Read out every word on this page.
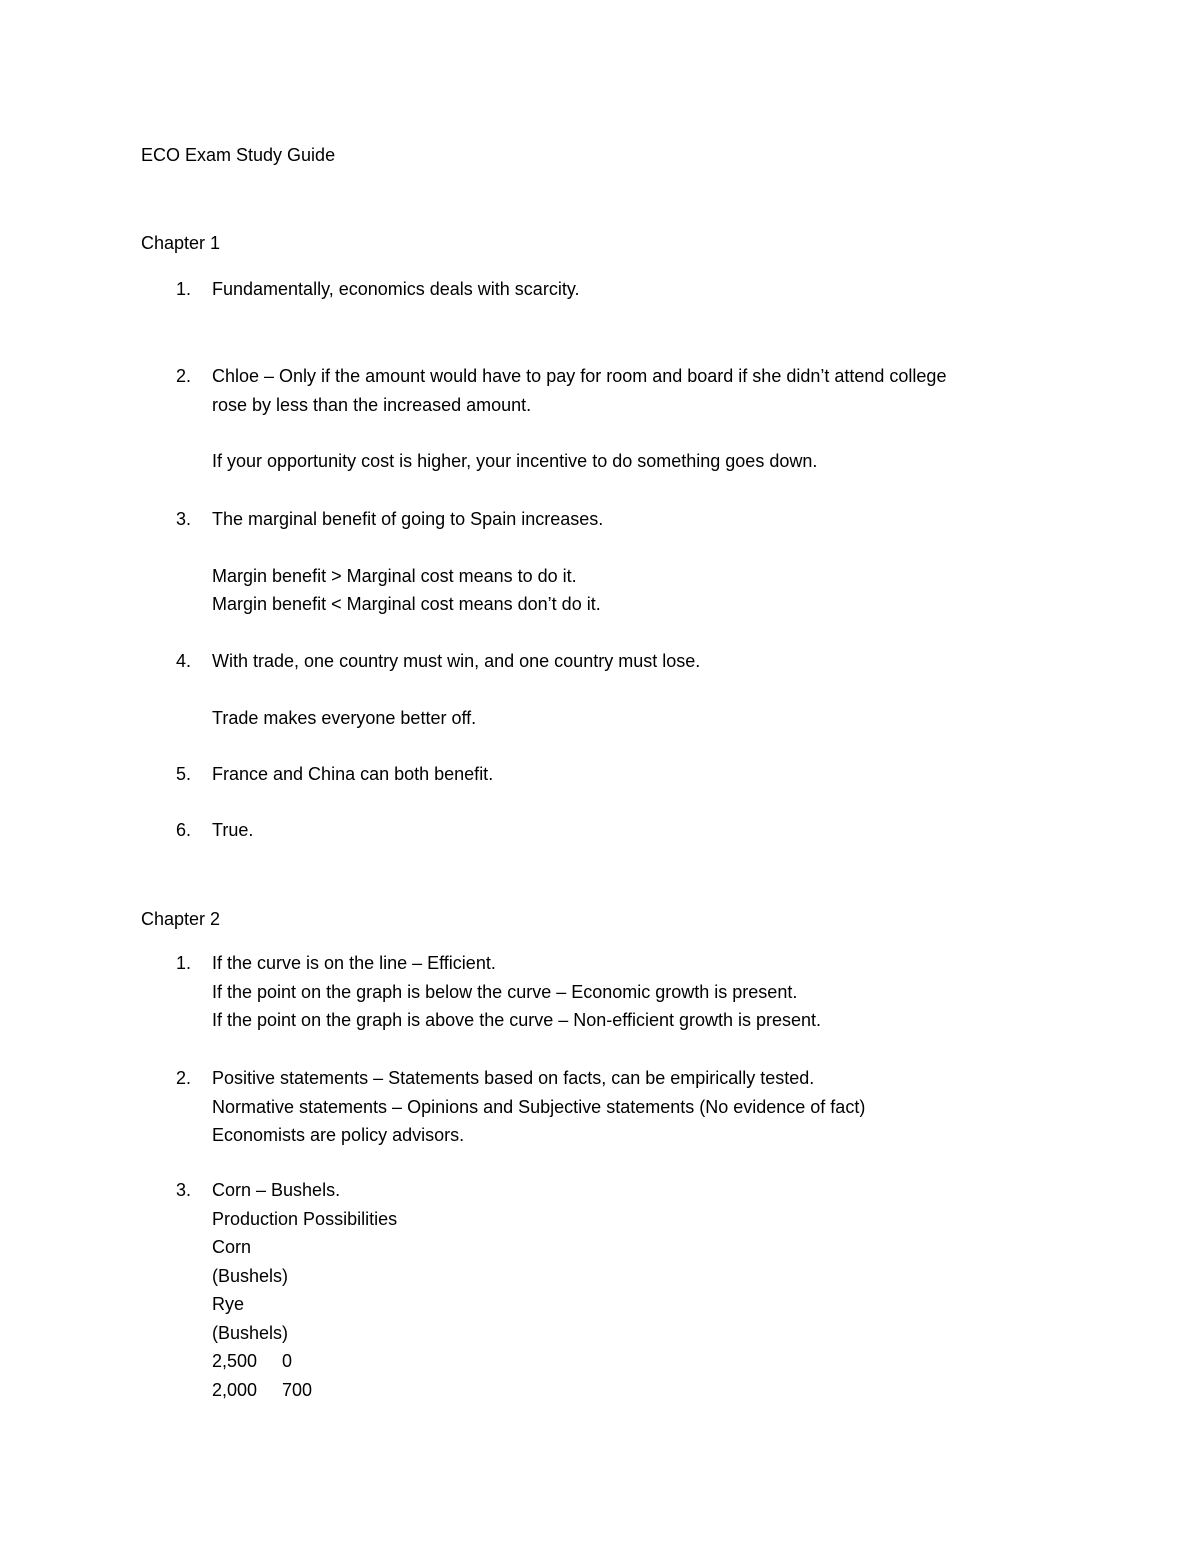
ECO Exam Study Guide
Chapter 1
1. Fundamentally, economics deals with scarcity.
2. Chloe – Only if the amount would have to pay for room and board if she didn’t attend college
rose by less than the increased amount.
If your opportunity cost is higher, your incentive to do something goes down.
3. The marginal benefit of going to Spain increases.
Margin benefit > Marginal cost means to do it.
Margin benefit < Marginal cost means don’t do it.
4. With trade, one country must win, and one country must lose.
Trade makes everyone better off.
5. France and China can both benefit.
6. True.
Chapter 2
1. If the curve is on the line – Efficient.
If the point on the graph is below the curve – Economic growth is present.
If the point on the graph is above the curve – Non-efficient growth is present.
2. Positive statements – Statements based on facts, can be empirically tested.
Normative statements – Opinions and Subjective statements (No evidence of fact)
Economists are policy advisors.
3. Corn – Bushels.
Production Possibilities
Corn
(Bushels)
Rye
(Bushels)
2,500 0
2,000 700
